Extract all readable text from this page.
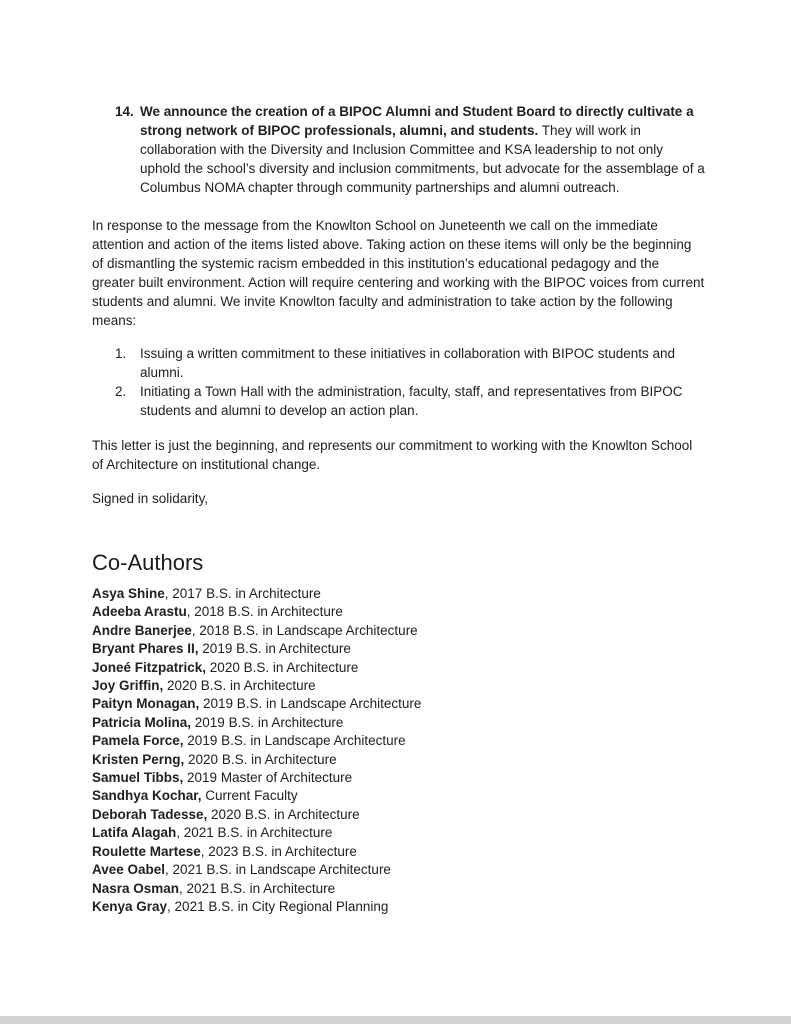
14. We announce the creation of a BIPOC Alumni and Student Board to directly cultivate a strong network of BIPOC professionals, alumni, and students. They will work in collaboration with the Diversity and Inclusion Committee and KSA leadership to not only uphold the school’s diversity and inclusion commitments, but advocate for the assemblage of a Columbus NOMA chapter through community partnerships and alumni outreach.

In response to the message from the Knowlton School on Juneteenth we call on the immediate attention and action of the items listed above. Taking action on these items will only be the beginning of dismantling the systemic racism embedded in this institution’s educational pedagogy and the greater built environment. Action will require centering and working with the BIPOC voices from current students and alumni. We invite Knowlton faculty and administration to take action by the following means:

1.	Issuing a written commitment to these initiatives in collaboration with BIPOC students and alumni.
2.	Initiating a Town Hall with the administration, faculty, staff, and representatives from BIPOC students and alumni to develop an action plan.

This letter is just the beginning, and represents our commitment to working with the Knowlton School of Architecture on institutional change.

Signed in solidarity,

Co-Authors
Asya Shine, 2017 B.S. in Architecture
Adeeba Arastu, 2018 B.S. in Architecture
Andre Banerjee, 2018 B.S. in Landscape Architecture
Bryant Phares II, 2019 B.S. in Architecture
Joneé Fitzpatrick, 2020 B.S. in Architecture
Joy Griffin, 2020 B.S. in Architecture
Paityn Monagan, 2019 B.S. in Landscape Architecture
Patricia Molina, 2019 B.S. in Architecture
Pamela Force, 2019 B.S. in Landscape Architecture
Kristen Perng, 2020 B.S. in Architecture
Samuel Tibbs, 2019 Master of Architecture
Sandhya Kochar, Current Faculty
Deborah Tadesse, 2020 B.S. in Architecture
Latifa Alagah, 2021 B.S. in Architecture
Roulette Martese, 2023 B.S. in Architecture
Avee Oabel, 2021 B.S. in Landscape Architecture
Nasra Osman, 2021 B.S. in Architecture
Kenya Gray, 2021 B.S. in City Regional Planning
